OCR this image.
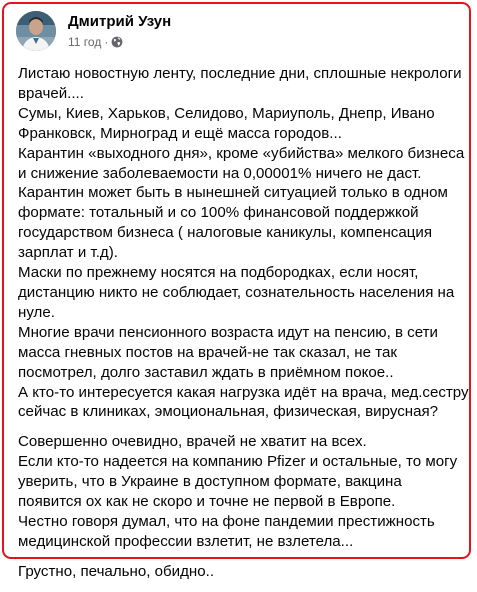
Дмитрий Узун
11 год ·
Листаю новостную ленту, последние дни, сплошные некрологи
врачей....
Сумы, Киев, Харьков, Селидово, Мариуполь, Днепр, Ивано
Франковск, Мирноград и ещё масса городов...
Карантин «выходного дня», кроме «убийства» мелкого бизнеса
и снижение заболеваемости на 0,00001% ничего не даст.
Карантин может быть в нынешней ситуацией только в одном
формате: тотальный и со 100% финансовой поддержкой
государством бизнеса ( налоговые каникулы, компенсация
зарплат и т.д).
Маски по прежнему носятся на подбородках, если носят,
дистанцию никто не соблюдает, сознательность населения на
нуле.
Многие врачи пенсионного возраста идут на пенсию, в сети
масса гневных постов на врачей-не так сказал, не так
посмотрел, долго заставил ждать в приёмном покое..
А кто-то интересуется какая нагрузка идёт на врача, мед.сестру
сейчас в клиниках, эмоциональная, физическая, вирусная?
Совершенно очевидно, врачей не хватит на всех.
Если кто-то надеется на компанию Pfizer и остальные, то могу
уверить, что в Украине в доступном формате, вакцина
появится ох как не скоро и точне не первой в Европе.
Честно говоря думал, что на фоне пандемии престижность
медицинской профессии взлетит, не взлетела...
Грустно, печально, обидно..
